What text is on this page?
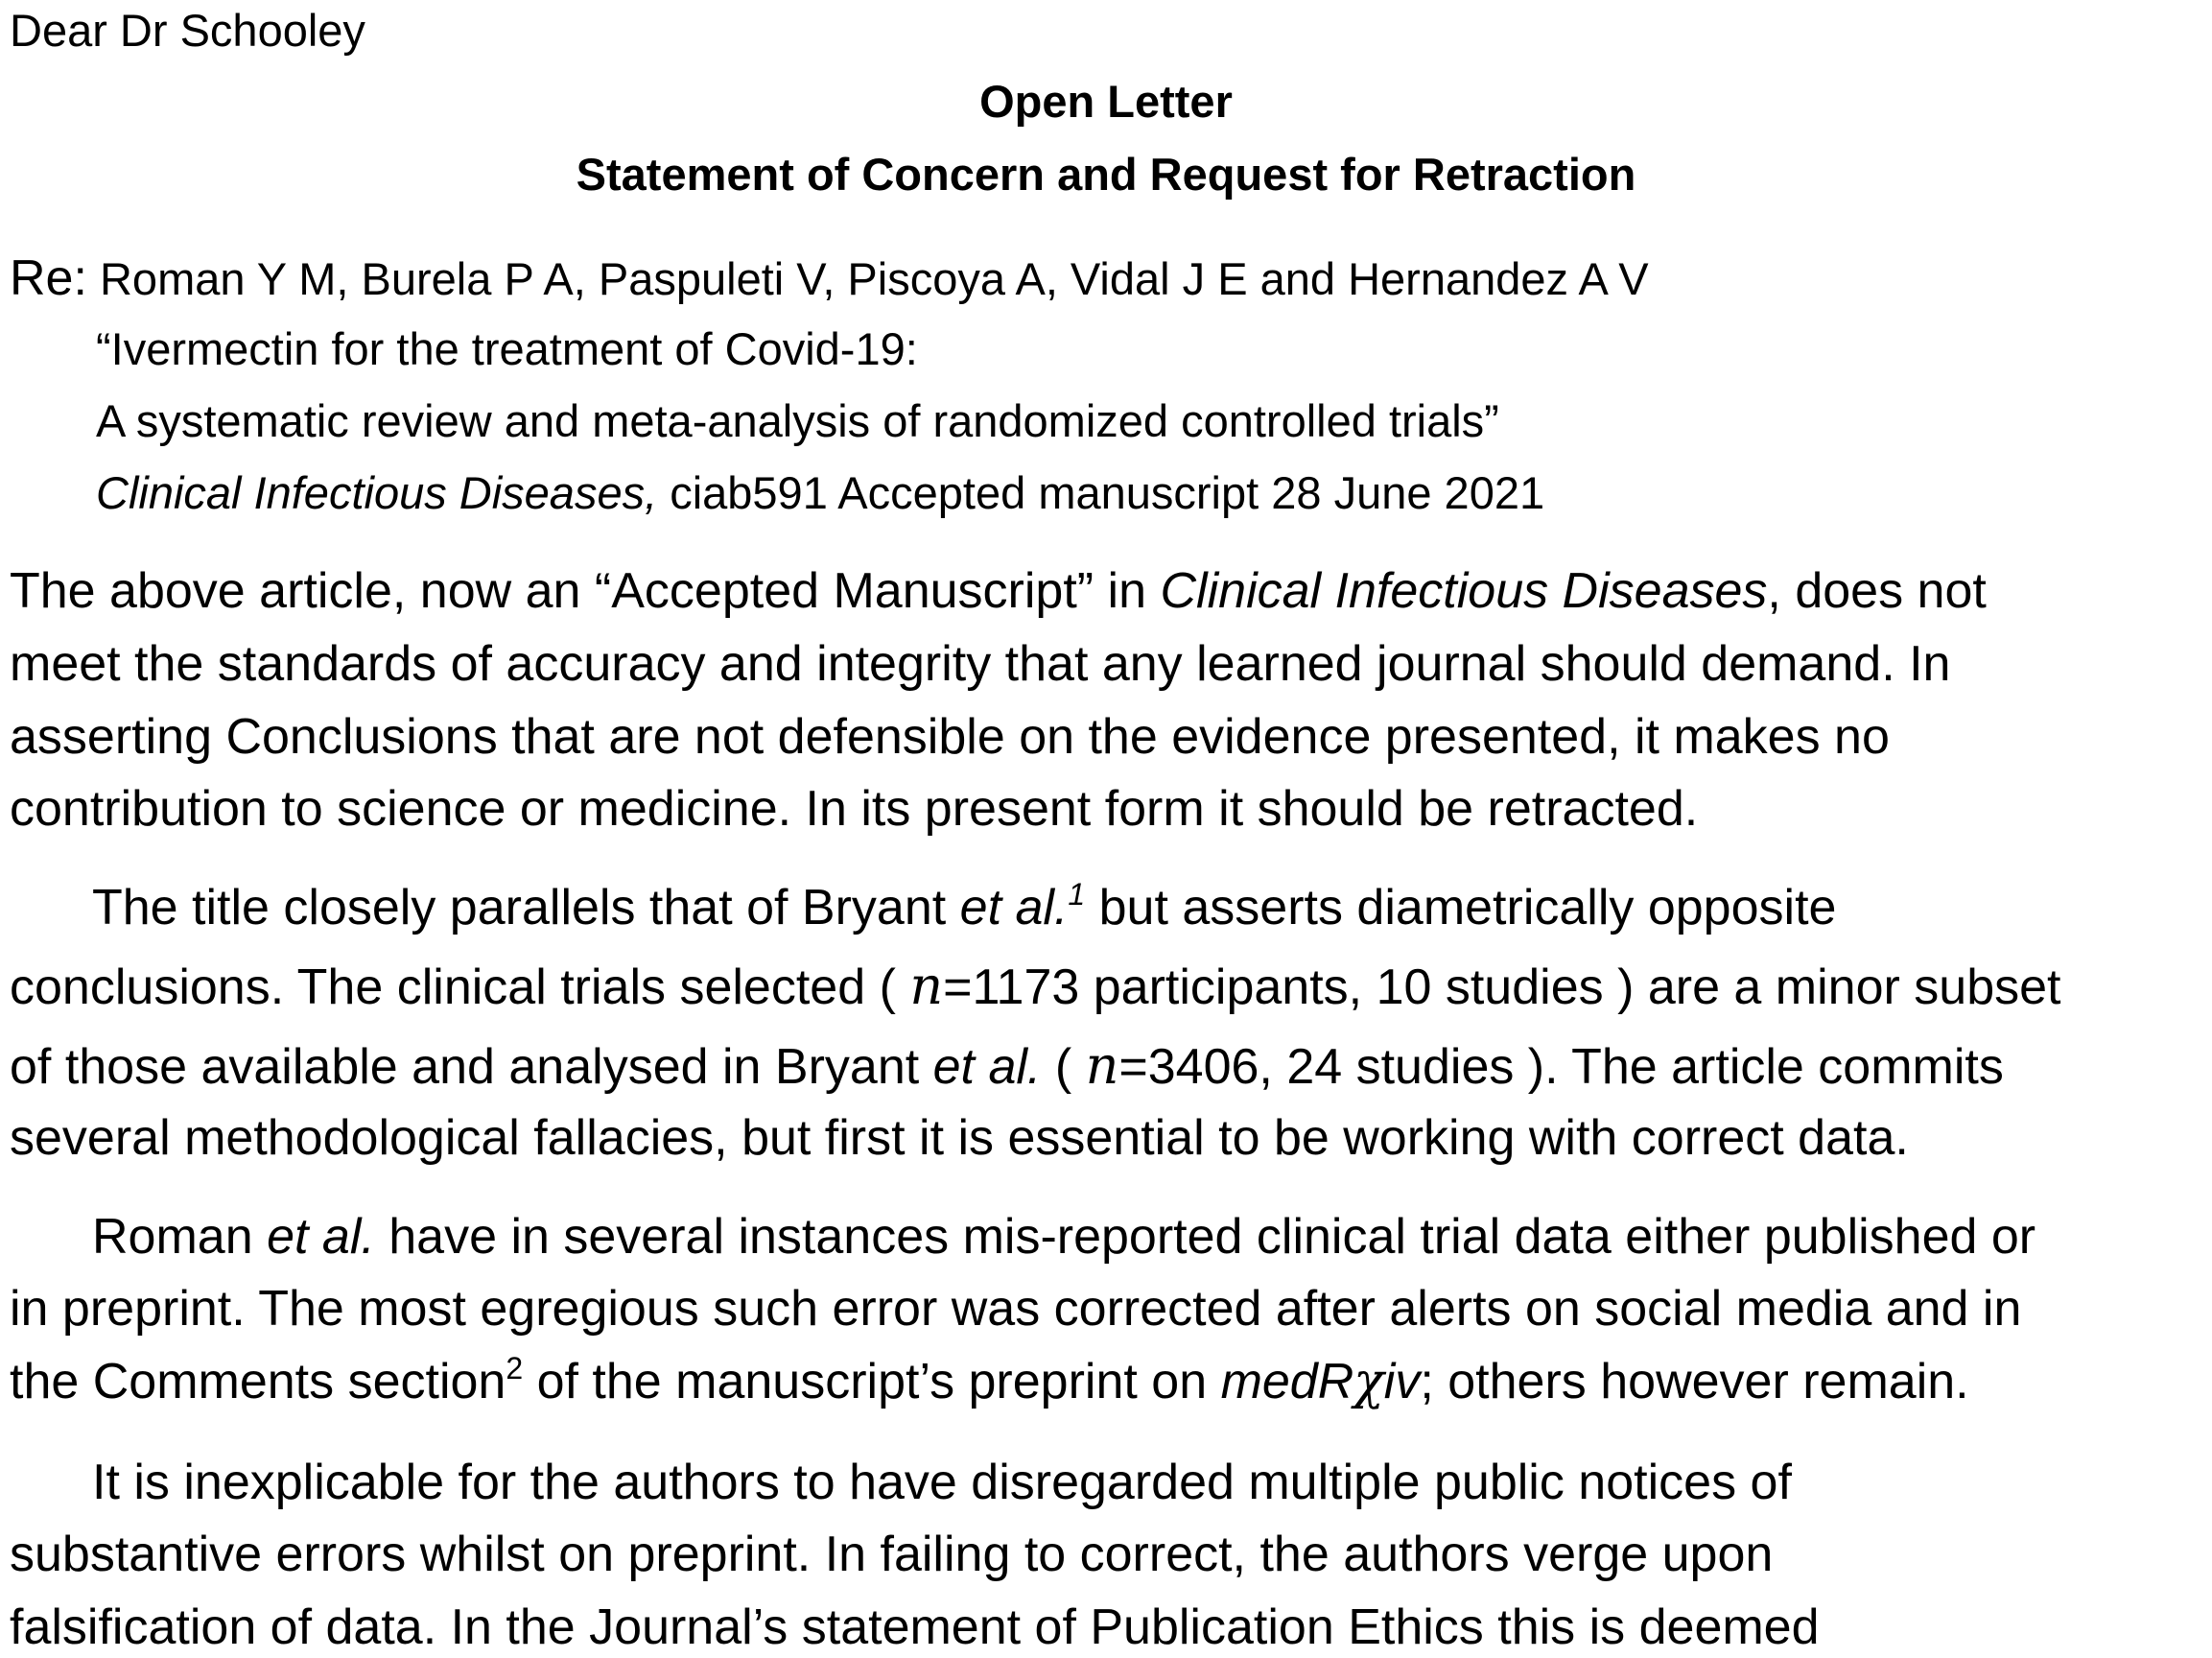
Dear Dr Schooley
Open Letter
Statement of Concern and Request for Retraction
Re: Roman Y M, Burela P A, Paspuleti V, Piscoya A, Vidal J E and Hernandez A V
“Ivermectin for the treatment of Covid-19:
A systematic review and meta-analysis of randomized controlled trials”
Clinical Infectious Diseases, ciab591 Accepted manuscript 28 June 2021
The above article, now an “Accepted Manuscript” in Clinical Infectious Diseases, does not
meet the standards of accuracy and integrity that any learned journal should demand. In
asserting Conclusions that are not defensible on the evidence presented, it makes no
contribution to science or medicine. In its present form it should be retracted.
The title closely parallels that of Bryant et al.$^1$ but asserts diametrically opposite
conclusions. The clinical trials selected ( n=1173 participants, 10 studies ) are a minor subset
of those available and analysed in Bryant et al. ( n=3406, 24 studies ). The article commits
several methodological fallacies, but first it is essential to be working with correct data.
Roman et al. have in several instances mis-reported clinical trial data either published or
in preprint. The most egregious such error was corrected after alerts on social media and in
the Comments section$^2$ of the manuscript’s preprint on medRχiv; others however remain.
It is inexplicable for the authors to have disregarded multiple public notices of
substantive errors whilst on preprint. In failing to correct, the authors verge upon
falsification of data. In the Journal’s statement of Publication Ethics this is deemed
